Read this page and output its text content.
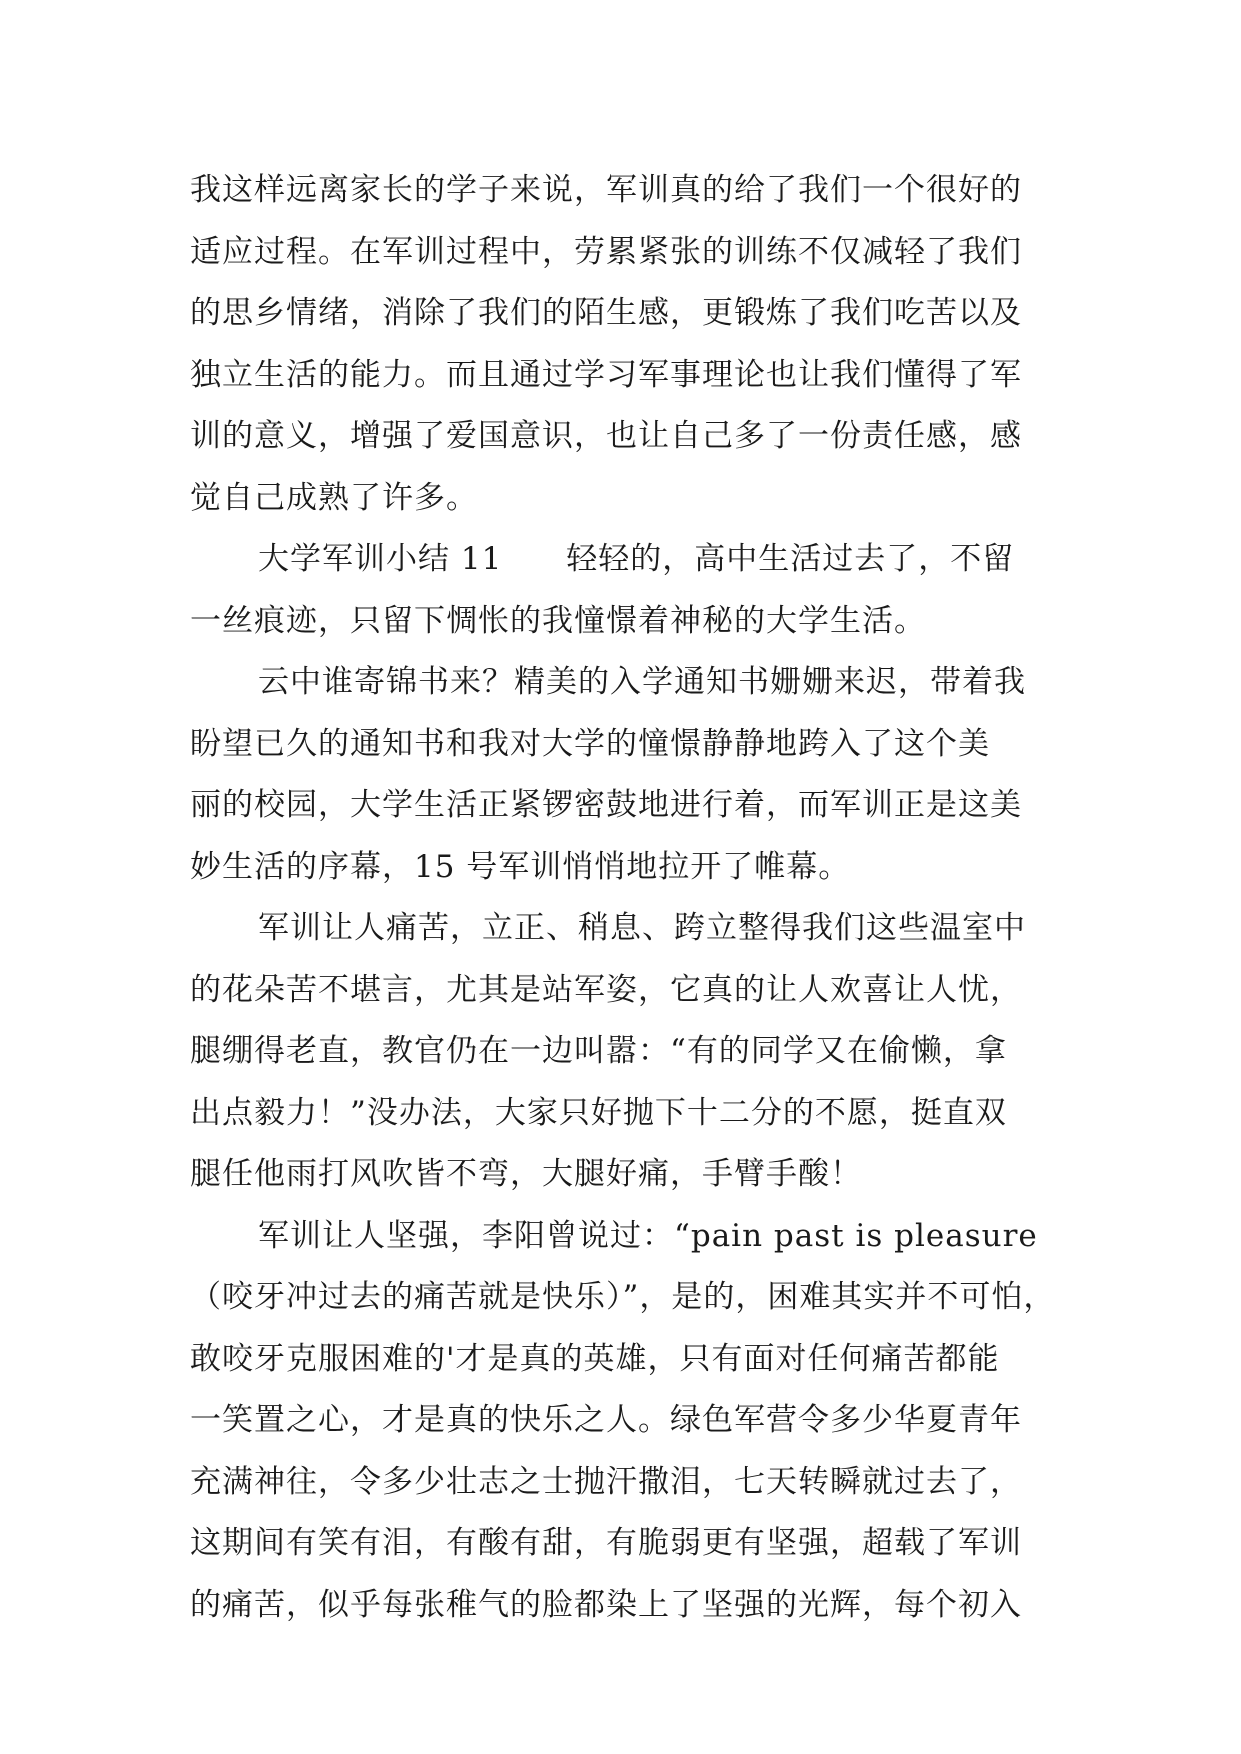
我这样远离家长的学子来说，军训真的给了我们一个很好的
适应过程。在军训过程中，劳累紧张的训练不仅减轻了我们
的思乡情绪，消除了我们的陌生感，更锻炼了我们吃苦以及
独立生活的能力。而且通过学习军事理论也让我们懂得了军
训的意义，增强了爱国意识，也让自己多了一份责任感，感
觉自己成熟了许多。
大学军训小结 11　　轻轻的，高中生活过去了，不留
一丝痕迹，只留下惆怅的我憧憬着神秘的大学生活。
云中谁寄锦书来？精美的入学通知书姗姗来迟，带着我
盼望已久的通知书和我对大学的憧憬静静地跨入了这个美
丽的校园，大学生活正紧锣密鼓地进行着，而军训正是这美
妙生活的序幕，15 号军训悄悄地拉开了帷幕。
军训让人痛苦，立正、稍息、跨立整得我们这些温室中
的花朵苦不堪言，尤其是站军姿，它真的让人欢喜让人忧，
腿绷得老直，教官仍在一边叫嚣：“有的同学又在偷懒，拿
出点毅力！”没办法，大家只好抛下十二分的不愿，挺直双
腿任他雨打风吹皆不弯，大腿好痛，手臂手酸！
军训让人坚强，李阳曾说过：“pain past is pleasure
（咬牙冲过去的痛苦就是快乐）”，是的，困难其实并不可怕，
敢咬牙克服困难的'才是真的英雄，只有面对任何痛苦都能
一笑置之心，才是真的快乐之人。绿色军营令多少华夏青年
充满神往，令多少壮志之士抛汗撒泪，七天转瞬就过去了，
这期间有笑有泪，有酸有甜，有脆弱更有坚强，超载了军训
的痛苦，似乎每张稚气的脸都染上了坚强的光辉，每个初入
